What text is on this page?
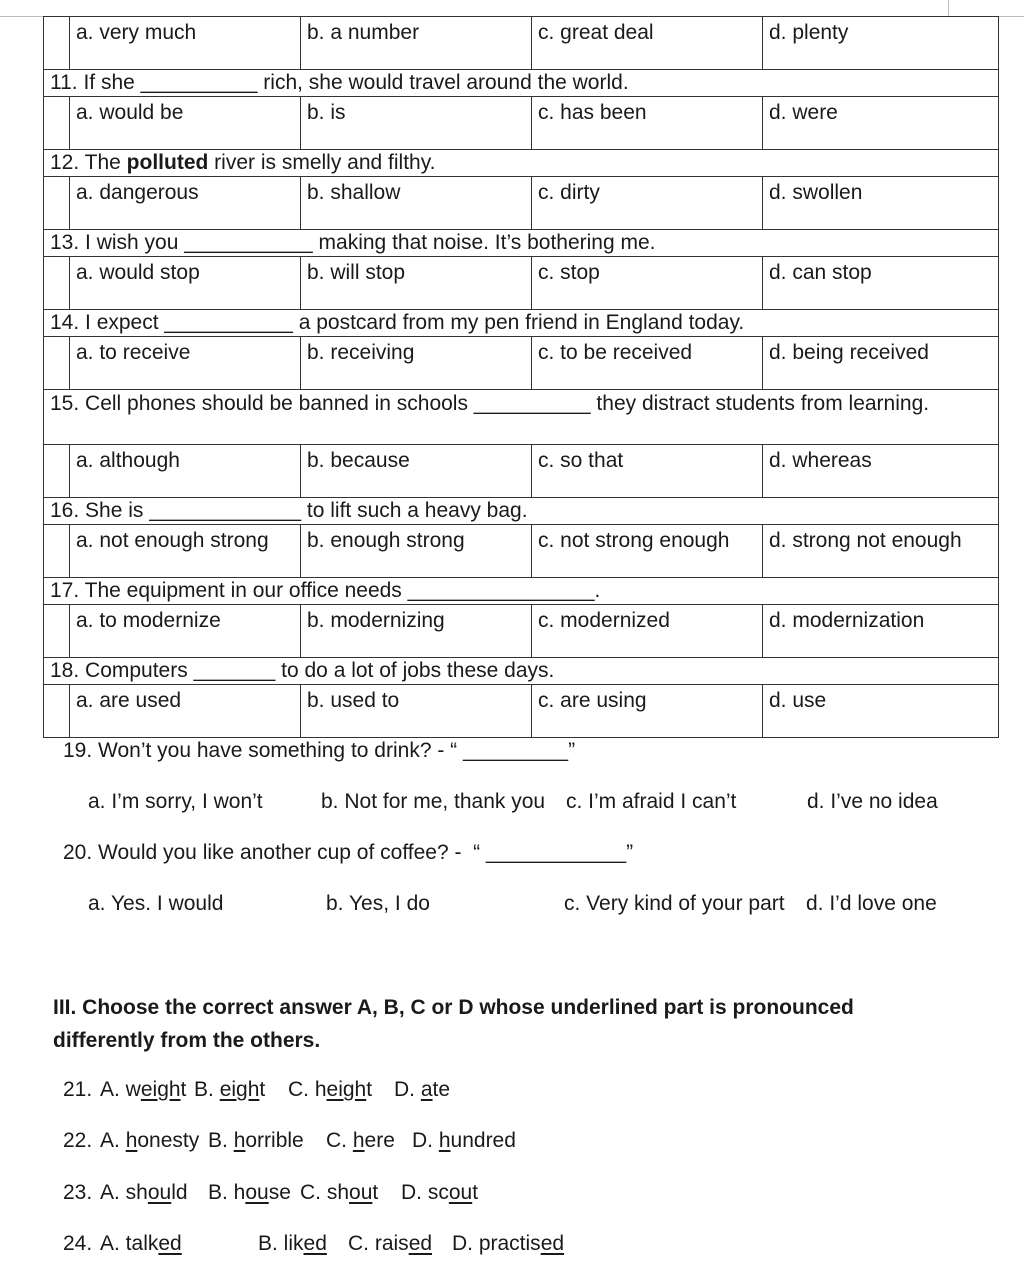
	a. very much	b. a number	c. great deal	d. plenty
11. If she __________ rich, she would travel around the world.				
	a. would be	b. is	c. has been	d. were
12. The polluted river is smelly and filthy.				
	a. dangerous	b. shallow	c. dirty	d. swollen
13. I wish you ___________ making that noise. It’s bothering me.				
	a. would stop	b. will stop	c. stop	d. can stop
14. I expect ___________ a postcard from my pen friend in England today.				
	a. to receive	b. receiving	c. to be received	d. being received
15. Cell phones should be banned in schools __________ they distract students from learning.				
	a. although	b. because	c. so that	d. whereas
16. She is _____________ to lift such a heavy bag.				
	a. not enough strong	b. enough strong	c. not strong enough	d. strong not enough
17. The equipment in our office needs ________________.				
	a. to modernize	b. modernizing	c. modernized	d. modernization
18. Computers _______ to do a lot of jobs these days.				
	a. are used	b. used to	c. are using	d. use
19. Won’t you have something to drink? - “ _________”
a. I’m sorry, I won’t	b. Not for me, thank you c. I’m afraid I can’t	d. I’ve no idea
20. Would you like another cup of coffee? -  “ ____________”
a. Yes. I would	b. Yes, I do	c. Very kind of your part d. I’d love one
III. Choose the correct answer A, B, C or D whose underlined part is pronounced differently from the others.
21. A. weight B. eight C. height D. ate
22. A. honesty B. horrible C. here D. hundred
23. A. should B. house C. shout D. scout
24. A. talked	B. liked C. raised D. practised
